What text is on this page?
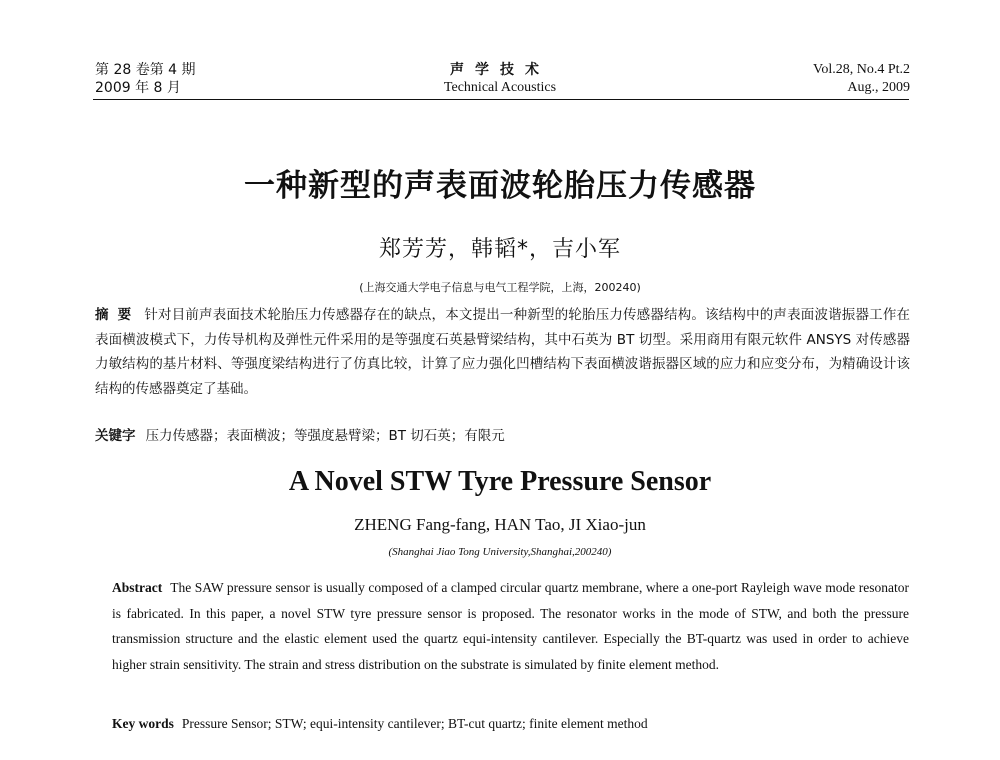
第 28 卷第 4 期
2009 年 8 月
声学技术
Technical Acoustics
Vol.28, No.4 Pt.2
Aug., 2009
一种新型的声表面波轮胎压力传感器
郑芳芳，韩韬*，吉小军
(上海交通大学电子信息与电气工程学院，上海，200240)
摘要 针对目前声表面技术轮胎压力传感器存在的缺点，本文提出一种新型的轮胎压力传感器结构。该结构中的声表面波谐振器工作在表面横波模式下，力传导机构及弹性元件采用的是等强度石英悬臂梁结构，其中石英为 BT 切型。采用商用有限元软件 ANSYS 对传感器力敏结构的基片材料、等强度梁结构进行了仿真比较，计算了应力强化凹槽结构下表面横波谐振器区域的应力和应变分布，为精确设计该结构的传感器奠定了基础。
关键字 压力传感器；表面横波；等强度悬臂梁；BT 切石英；有限元
A Novel STW Tyre Pressure Sensor
ZHENG Fang-fang, HAN Tao, JI Xiao-jun
(Shanghai Jiao Tong University,Shanghai,200240)
Abstract The SAW pressure sensor is usually composed of a clamped circular quartz membrane, where a one-port Rayleigh wave mode resonator is fabricated. In this paper, a novel STW tyre pressure sensor is proposed. The resonator works in the mode of STW, and both the pressure transmission structure and the elastic element used the quartz equi-intensity cantilever. Especially the BT-quartz was used in order to achieve higher strain sensitivity. The strain and stress distribution on the substrate is simulated by finite element method.
Key words Pressure Sensor; STW; equi-intensity cantilever; BT-cut quartz; finite element method
